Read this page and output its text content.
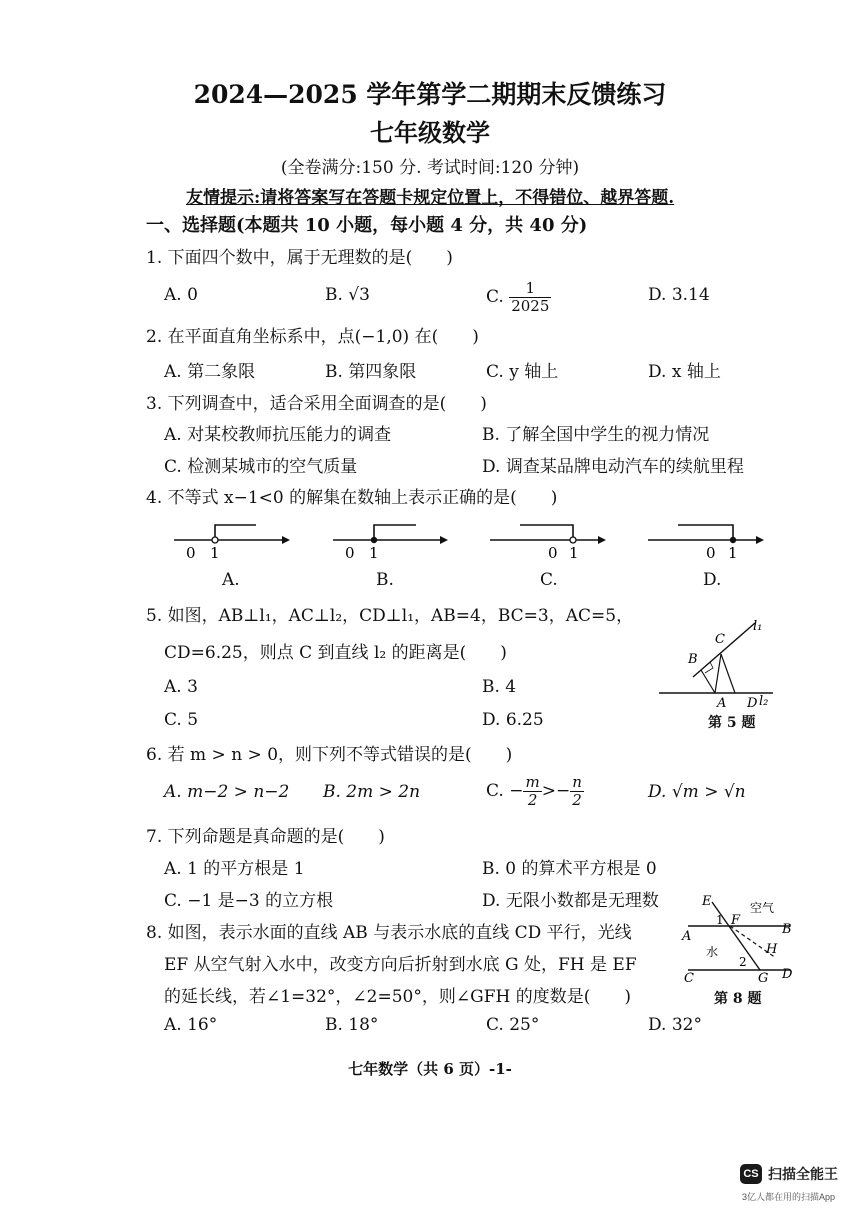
2024—2025 学年第学二期期末反馈练习
七年级数学
(全卷满分:150 分. 考试时间:120 分钟)
友情提示:请将答案写在答题卡规定位置上，不得错位、越界答题.
一、选择题(本题共 10 小题，每小题 4 分，共 40 分)
1. 下面四个数中，属于无理数的是(　　)
A. 0	B. √3	C. $\frac{1}{2025}$	D. 3.14
2. 在平面直角坐标系中，点(−1,0) 在(　　)
A. 第二象限	B. 第四象限	C. y 轴上	D. x 轴上
3. 下列调查中，适合采用全面调查的是(　　)
A. 对某校教师抗压能力的调查	B. 了解全国中学生的视力情况
C. 检测某城市的空气质量	D. 调查某品牌电动汽车的续航里程
4. 不等式 x−1<0 的解集在数轴上表示正确的是(　　)
0 1	0 1	0 1	0 1
A.	B.	C.	D.
5. 如图，AB⊥l₁，AC⊥l₂，CD⊥l₁，AB=4，BC=3，AC=5，
CD=6.25，则点 C 到直线 l₂ 的距离是(　　)
A. 3	B. 4
C. 5	D. 6.25
C
B
A D
l₁
l₂
第 5 题
6. 若 m > n > 0，则下列不等式错误的是(　　)
A. m−2 > n−2 B. 2m > 2n	C. − $\frac{m}{2} >- \frac{n}{2}$	D. √m > √n
7. 下列命题是真命题的是(　　)
A. 1 的平方根是 1	B. 0 的算术平方根是 0
C. −1 是−3 的立方根	D. 无限小数都是无理数
8. 如图，表示水面的直线 AB 与表示水底的直线 CD 平行，光线
EF 从空气射入水中，改变方向后折射到水底 G 处，FH 是 EF
的延长线，若∠1=32°，∠2=50°，则∠GFH 的度数是(　　)
A. 16°	B. 18°	C. 25°	D. 32°
E
1 F
空气
B
A
水	H
2
C	G D
第 8 题
七年数学（共 6 页）-1-
CS 扫描全能王
3亿人都在用的扫描App
